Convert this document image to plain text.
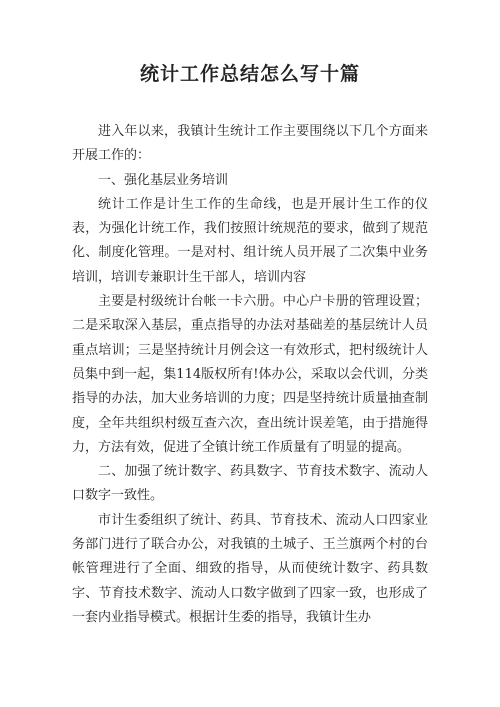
统计工作总结怎么写十篇

进入年以来，我镇计生统计工作主要围绕以下几个方面来开展工作的：

一、强化基层业务培训

统计工作是计生工作的生命线，也是开展计生工作的仪表，为强化计统工作，我们按照计统规范的要求，做到了规范化、制度化管理。一是对村、组计统人员开展了二次集中业务培训，培训专兼职计生干部人，培训内容

主要是村级统计台帐一卡六册。中心户卡册的管理设置；二是采取深入基层，重点指导的办法对基础差的基层统计人员重点培训；三是坚持统计月例会这一有效形式，把村级统计人员集中到一起，集114版权所有!体办公，采取以会代训，分类指导的办法，加大业务培训的力度；四是坚持统计质量抽查制度，全年共组织村级互查六次，查出统计误差笔，由于措施得力，方法有效，促进了全镇计统工作质量有了明显的提高。

二、加强了统计数字、药具数字、节育技术数字、流动人口数字一致性。

市计生委组织了统计、药具、节育技术、流动人口四家业务部门进行了联合办公，对我镇的土城子、王兰旗两个村的台帐管理进行了全面、细致的指导，从而使统计数字、药具数字、节育技术数字、流动人口数字做到了四家一致，也形成了一套内业指导模式。根据计生委的指导，我镇计生办
